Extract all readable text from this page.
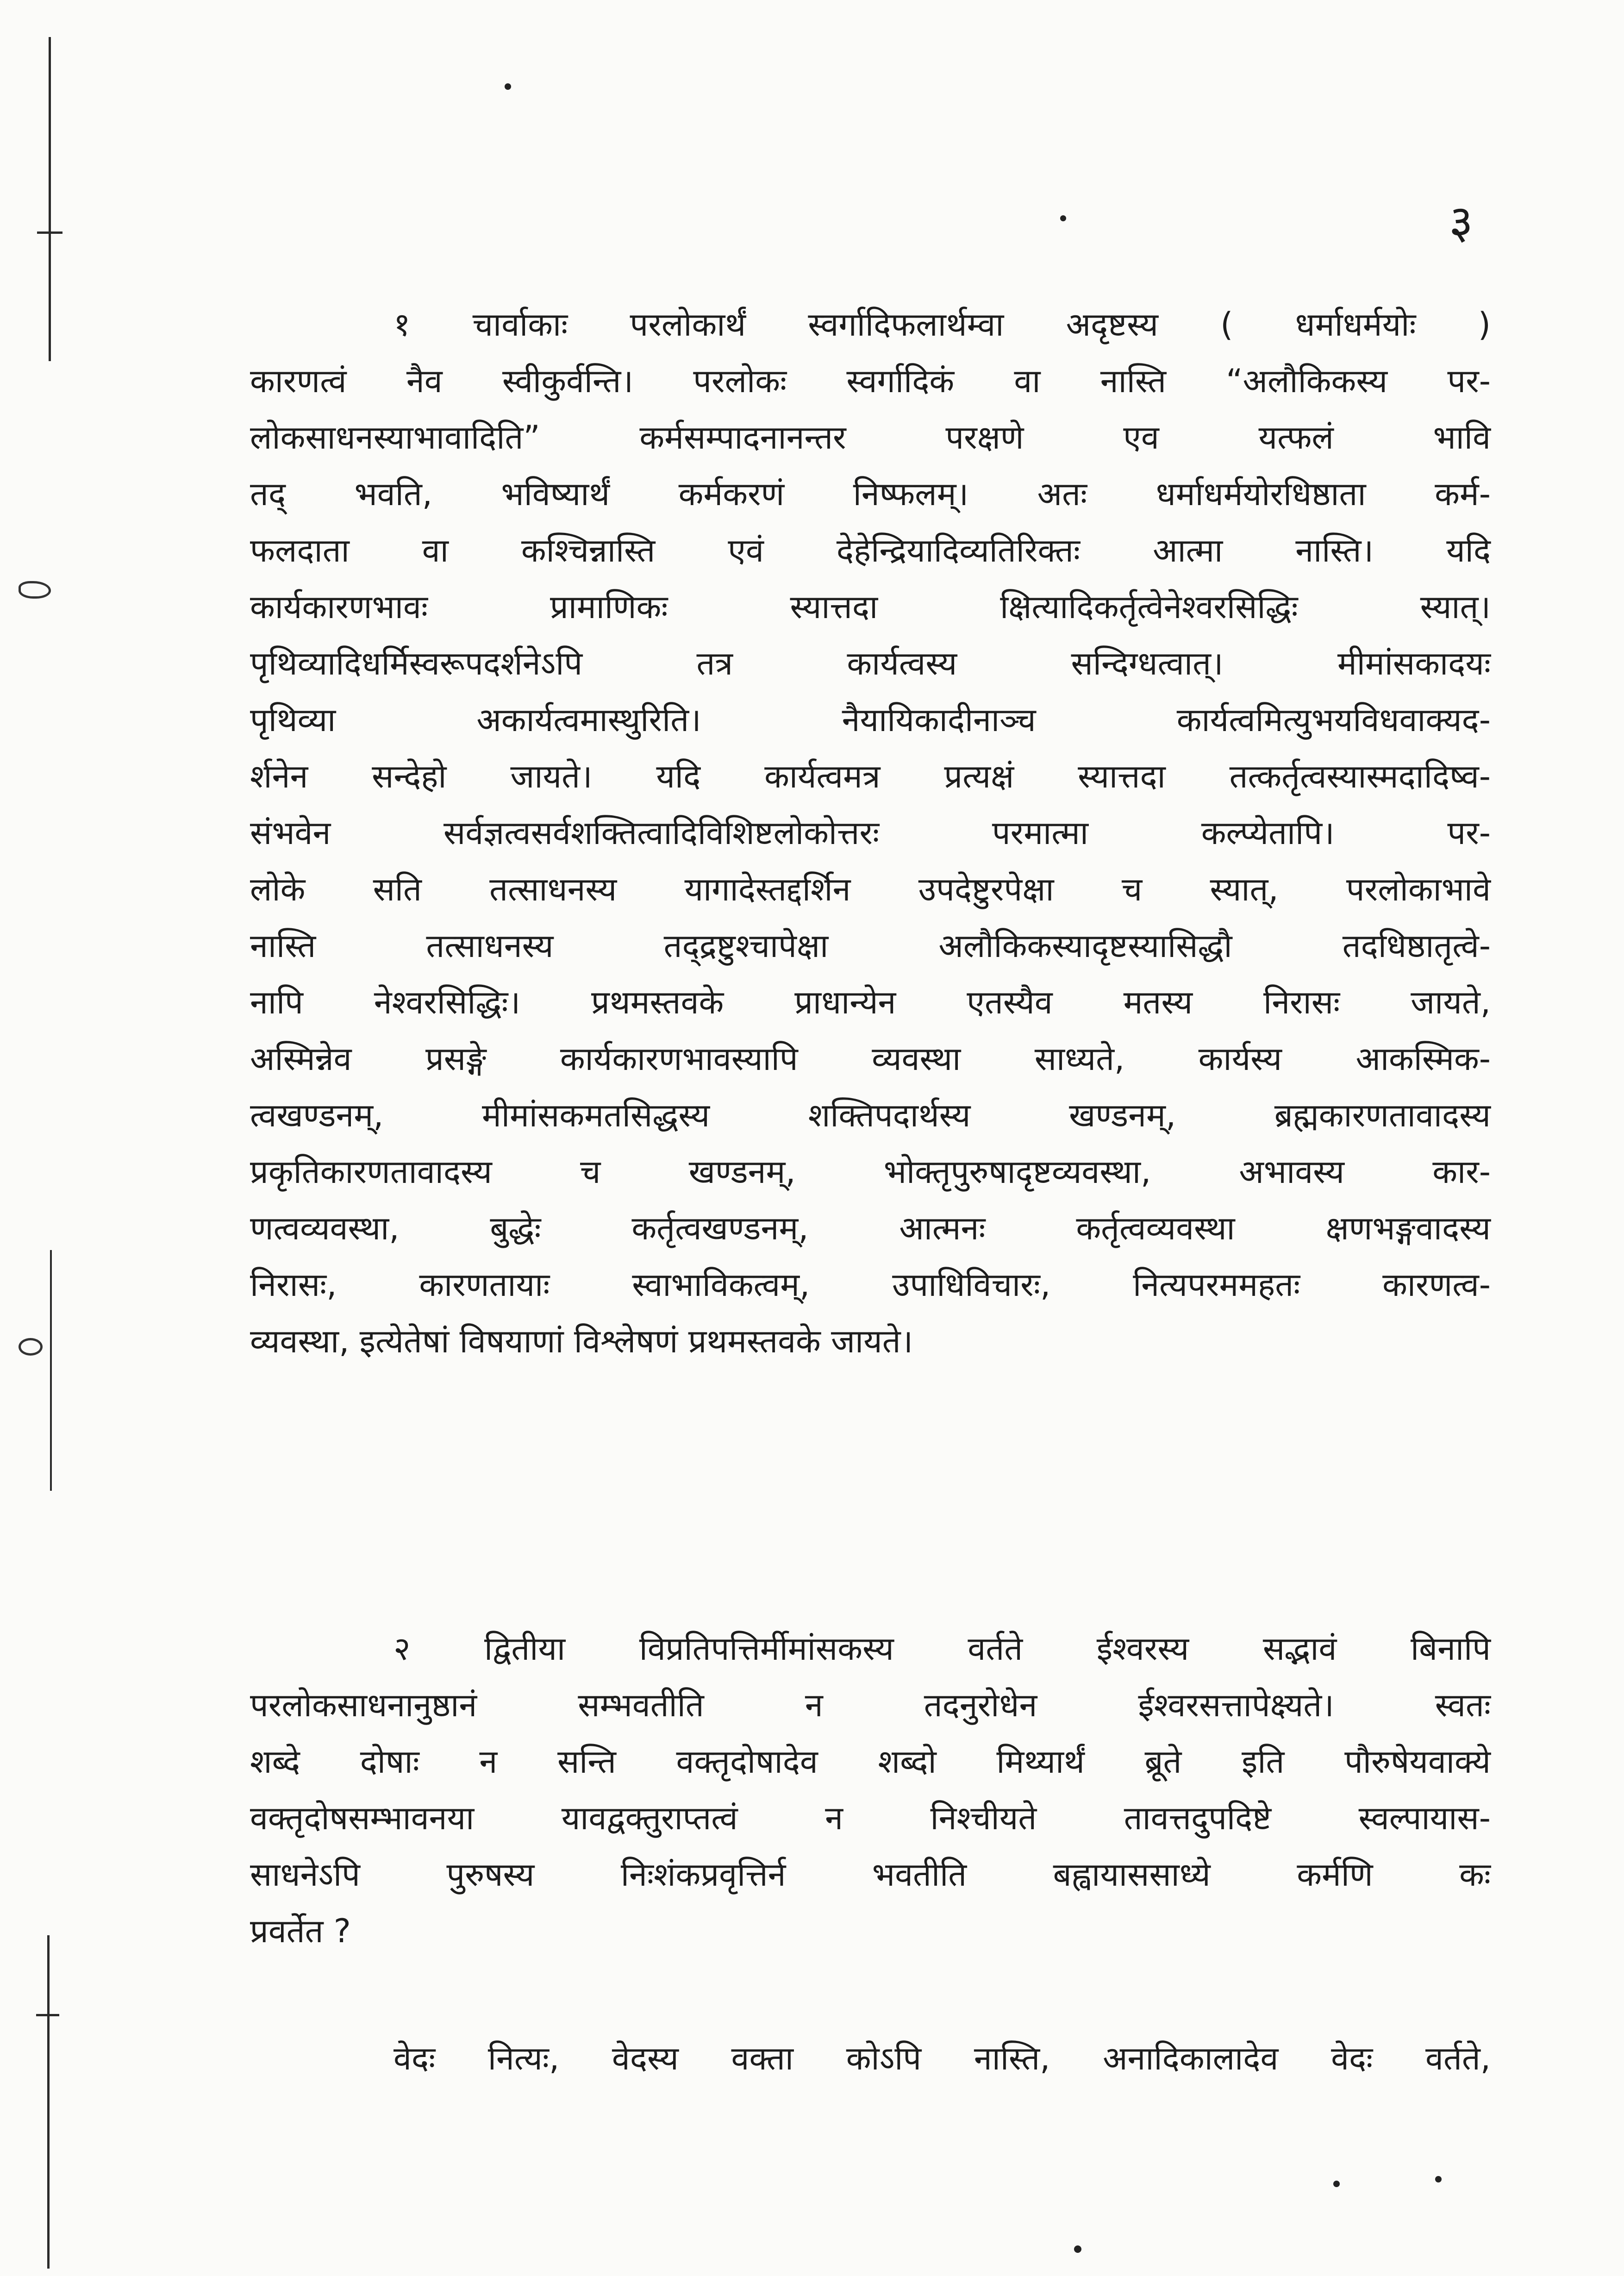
३
१ चार्वाकाः परलोकार्थं स्वर्गादिफलार्थम्वा अदृष्टस्य ( धर्माधर्मयोः )
कारणत्वं नैव स्वीकुर्वन्ति। परलोकः स्वर्गादिकं वा नास्ति “अलौकिकस्य पर-
लोकसाधनस्याभावादिति” कर्मसम्पादनानन्तर परक्षणे एव यत्फलं भावि
तद् भवति, भविष्यार्थं कर्मकरणं निष्फलम्। अतः धर्माधर्मयोरधिष्ठाता कर्म-
फलदाता वा कश्चिन्नास्ति एवं देहेन्द्रियादिव्यतिरिक्तः आत्मा नास्ति। यदि
कार्यकारणभावः प्रामाणिकः स्यात्तदा क्षित्यादिकर्तृत्वेनेश्वरसिद्धिः स्यात्।
पृथिव्यादिधर्मिस्वरूपदर्शनेऽपि तत्र कार्यत्वस्य सन्दिग्धत्वात्। मीमांसकादयः
पृथिव्या अकार्यत्वमास्थुरिति। नैयायिकादीनाञ्च कार्यत्वमित्युभयविधवाक्यद-
र्शनेन सन्देहो जायते। यदि कार्यत्वमत्र प्रत्यक्षं स्यात्तदा तत्कर्तृत्वस्यास्मदादिष्व-
संभवेन सर्वज्ञत्वसर्वशक्तित्वादिविशिष्टलोकोत्तरः परमात्मा कल्प्येतापि। पर-
लोके सति तत्साधनस्य यागादेस्तद्दर्शिन उपदेष्टुरपेक्षा च स्यात्, परलोकाभावे
नास्ति तत्साधनस्य तद्द्रष्टुश्चापेक्षा अलौकिकस्यादृष्टस्यासिद्धौ तदधिष्ठातृत्वे-
नापि नेश्वरसिद्धिः। प्रथमस्तवके प्राधान्येन एतस्यैव मतस्य निरासः जायते,
अस्मिन्नेव प्रसङ्गे कार्यकारणभावस्यापि व्यवस्था साध्यते, कार्यस्य आकस्मिक-
त्वखण्डनम्, मीमांसकमतसिद्धस्य शक्तिपदार्थस्य खण्डनम्, ब्रह्मकारणतावादस्य
प्रकृतिकारणतावादस्य च खण्डनम्, भोक्तृपुरुषादृष्टव्यवस्था, अभावस्य कार-
णत्वव्यवस्था, बुद्धेः कर्तृत्वखण्डनम्, आत्मनः कर्तृत्वव्यवस्था क्षणभङ्गवादस्य
निरासः, कारणतायाः स्वाभाविकत्वम्, उपाधिविचारः, नित्यपरममहतः कारणत्व-
व्यवस्था, इत्येतेषां विषयाणां विश्लेषणं प्रथमस्तवके जायते।
२ द्वितीया विप्रतिपत्तिर्मीमांसकस्य वर्तते ईश्वरस्य सद्भावं बिनापि
परलोकसाधनानुष्ठानं सम्भवतीति न तदनुरोधेन ईश्वरसत्तापेक्ष्यते। स्वतः
शब्दे दोषाः न सन्ति वक्तृदोषादेव शब्दो मिथ्यार्थं ब्रूते इति पौरुषेयवाक्ये
वक्तृदोषसम्भावनया यावद्वक्तुराप्तत्वं न निश्चीयते तावत्तदुपदिष्टे स्वल्पायास-
साधनेऽपि पुरुषस्य निःशंकप्रवृत्तिर्न भवतीति बह्वायाससाध्ये कर्मणि कः
प्रवर्तेत ?
वेदः नित्यः, वेदस्य वक्ता कोऽपि नास्ति, अनादिकालादेव वेदः वर्तते,
